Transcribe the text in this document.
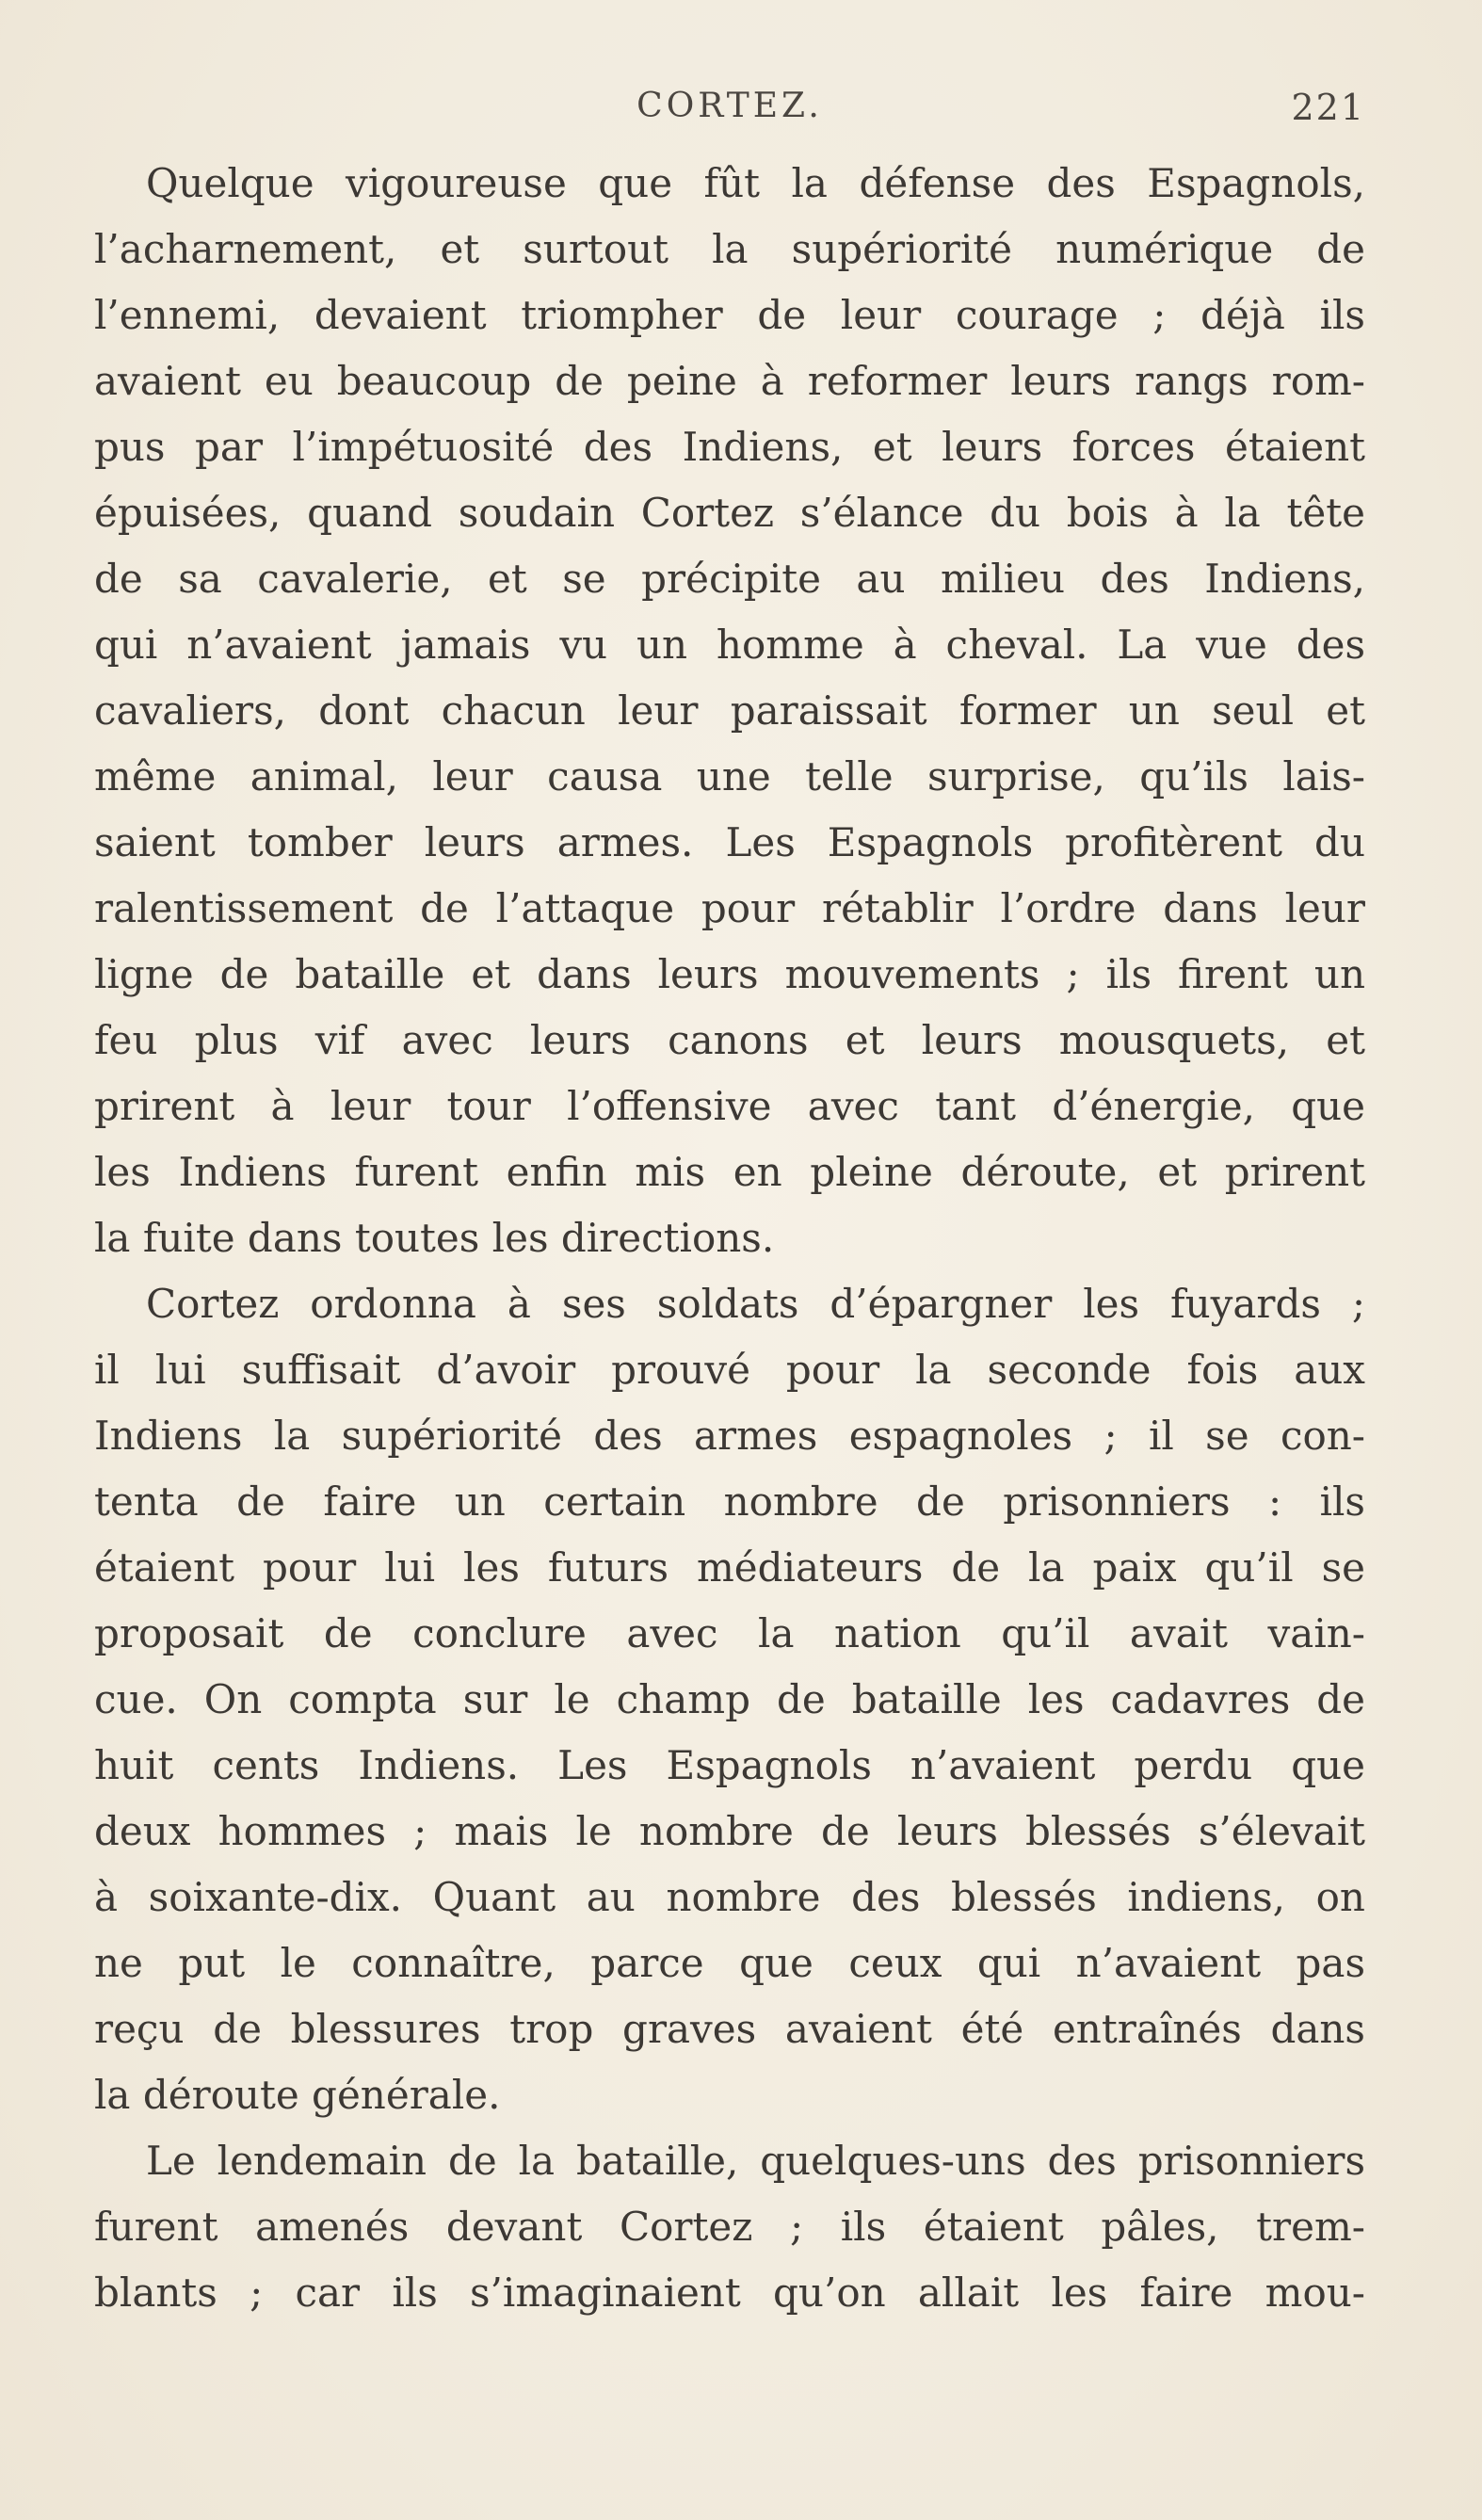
CORTEZ.	221

Quelque vigoureuse que fût la défense des Espagnols,
l’acharnement, et surtout la supériorité numérique de
l’ennemi, devaient triompher de leur courage ; déjà ils
avaient eu beaucoup de peine à reformer leurs rangs rom-
pus par l’impétuosité des Indiens, et leurs forces étaient
épuisées, quand soudain Cortez s’élance du bois à la tête
de sa cavalerie, et se précipite au milieu des Indiens,
qui n’avaient jamais vu un homme à cheval. La vue des
cavaliers, dont chacun leur paraissait former un seul et
même animal, leur causa une telle surprise, qu’ils lais-
saient tomber leurs armes. Les Espagnols profitèrent du
ralentissement de l’attaque pour rétablir l’ordre dans leur
ligne de bataille et dans leurs mouvements ; ils firent un
feu plus vif avec leurs canons et leurs mousquets, et
prirent à leur tour l’offensive avec tant d’énergie, que
les Indiens furent enfin mis en pleine déroute, et prirent
la fuite dans toutes les directions.

Cortez ordonna à ses soldats d’épargner les fuyards ;
il lui suffisait d’avoir prouvé pour la seconde fois aux
Indiens la supériorité des armes espagnoles ; il se con-
tenta de faire un certain nombre de prisonniers : ils
étaient pour lui les futurs médiateurs de la paix qu’il se
proposait de conclure avec la nation qu’il avait vain-
cue. On compta sur le champ de bataille les cadavres de
huit cents Indiens. Les Espagnols n’avaient perdu que
deux hommes ; mais le nombre de leurs blessés s’élevait
à soixante-dix. Quant au nombre des blessés indiens, on
ne put le connaître, parce que ceux qui n’avaient pas
reçu de blessures trop graves avaient été entraînés dans
la déroute générale.

Le lendemain de la bataille, quelques-uns des prisonniers
furent amenés devant Cortez ; ils étaient pâles, trem-
blants ; car ils s’imaginaient qu’on allait les faire mou-
